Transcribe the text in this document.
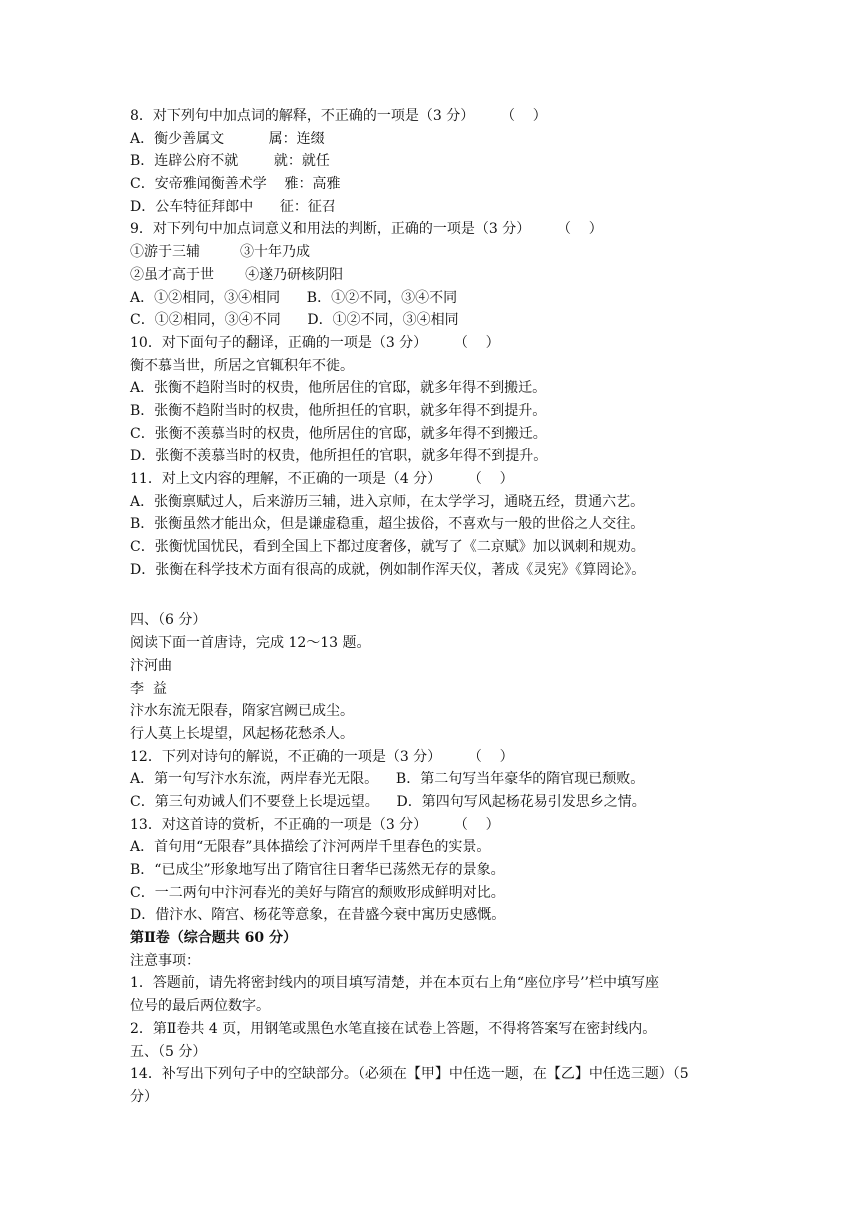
8．对下列句中加点词的解释，不正确的一项是（3 分）      （    ）
A．衡少善属文          属：连缀
B．连辟公府不就        就：就任
C．安帝雅闻衡善术学    雅：高雅
D．公车特征拜郎中      征：征召
9．对下列句中加点词意义和用法的判断，正确的一项是（3 分）      （    ）
①游于三辅         ③十年乃成
②虽才高于世       ④遂乃研核阴阳
A．①②相同，③④相同      B．①②不同，③④不同
C．①②相同，③④不同      D．①②不同，③④相同
10．对下面句子的翻译，正确的一项是（3 分）      （    ）
衡不慕当世，所居之官辄积年不徙。
A．张衡不趋附当时的权贵，他所居住的官邸，就多年得不到搬迁。
B．张衡不趋附当时的权贵，他所担任的官职，就多年得不到提升。
C．张衡不羡慕当时的权贵，他所居住的官邸，就多年得不到搬迁。
D．张衡不羡慕当时的权贵，他所担任的官职，就多年得不到提升。
11．对上文内容的理解，不正确的一项是（4 分）      （    ）
A．张衡禀赋过人，后来游历三辅，进入京师，在太学学习，通晓五经，贯通六艺。
B．张衡虽然才能出众，但是谦虚稳重，超尘拔俗，不喜欢与一般的世俗之人交往。
C．张衡忧国忧民，看到全国上下都过度奢侈，就写了《二京赋》加以讽刺和规劝。
D．张衡在科学技术方面有很高的成就，例如制作浑天仪，著成《灵宪》《算罔论》。
四、（6 分）
阅读下面一首唐诗，完成 12～13 题。
汴河曲
李  益
汴水东流无限春，隋家宫阙已成尘。
行人莫上长堤望，风起杨花愁杀人。
12．下列对诗句的解说，不正确的一项是（3 分）      （    ）
A．第一句写汴水东流，两岸春光无限。    B．第二句写当年豪华的隋官现已颓败。
C．第三句劝诫人们不要登上长堤远望。    D．第四句写风起杨花易引发思乡之情。
13．对这首诗的赏析，不正确的一项是（3 分）      （    ）
A．首句用“无限春”具体描绘了汴河两岸千里春色的实景。
B．“已成尘”形象地写出了隋官往日奢华已荡然无存的景象。
C．一二两句中汴河春光的美好与隋宫的颓败形成鲜明对比。
D．借汴水、隋宫、杨花等意象，在昔盛今衰中寓历史感慨。
第Ⅱ卷（综合题共 60 分）
注意事项：
1．答题前，请先将密封线内的项目填写清楚，并在本页右上角“座位序号’’栏中填写座
位号的最后两位数字。
2．第Ⅱ卷共 4 页，用钢笔或黑色水笔直接在试卷上答题，不得将答案写在密封线内。
五、（5 分）
14．补写出下列句子中的空缺部分。（必须在【甲】中任选一题，在【乙】中任选三题）（5
分）
